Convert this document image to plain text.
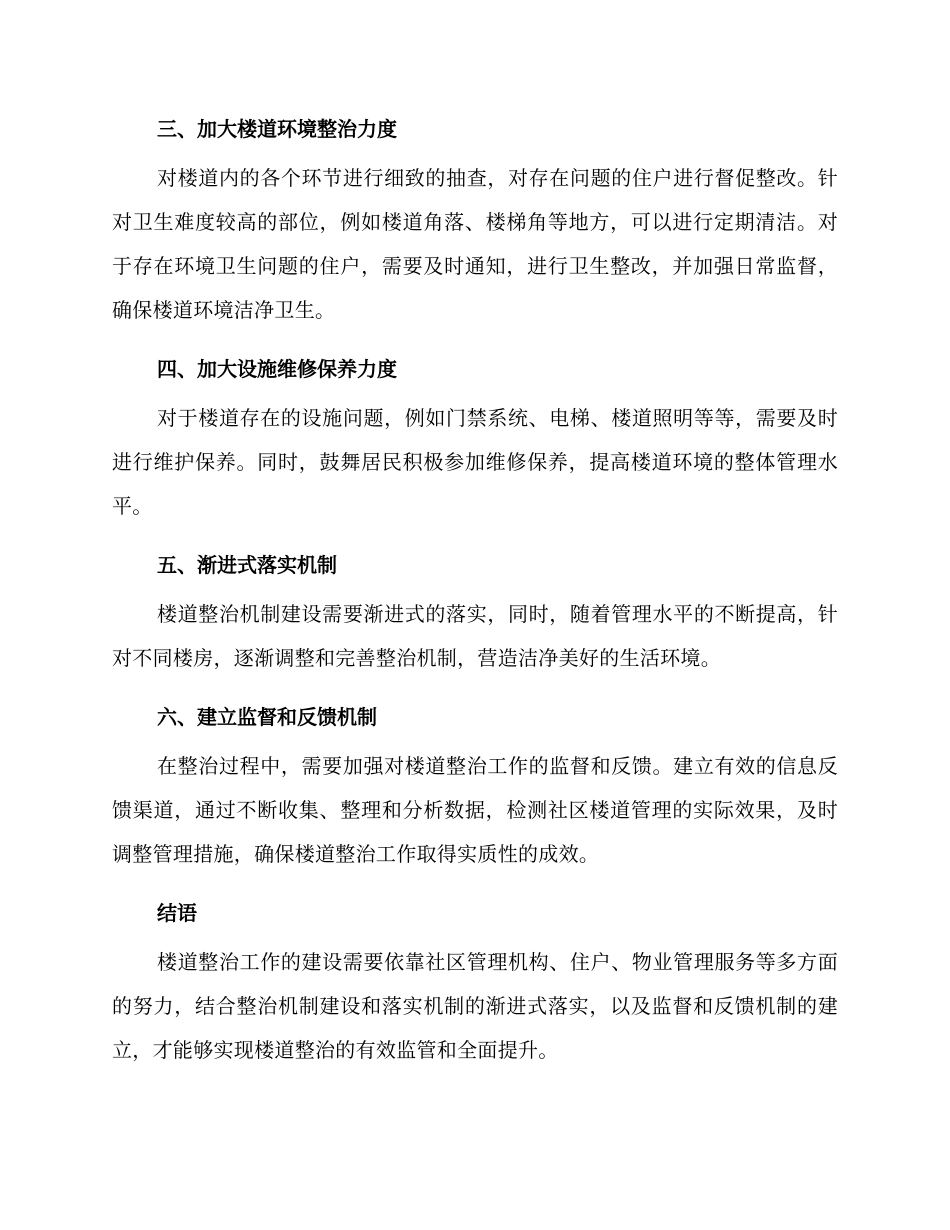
三、加大楼道环境整治力度

对楼道内的各个环节进行细致的抽查，对存在问题的住户进行督促整改。针对卫生难度较高的部位，例如楼道角落、楼梯角等地方，可以进行定期清洁。对于存在环境卫生问题的住户，需要及时通知，进行卫生整改，并加强日常监督，确保楼道环境洁净卫生。

四、加大设施维修保养力度

对于楼道存在的设施问题，例如门禁系统、电梯、楼道照明等等，需要及时进行维护保养。同时，鼓舞居民积极参加维修保养，提高楼道环境的整体管理水平。

五、渐进式落实机制

楼道整治机制建设需要渐进式的落实，同时，随着管理水平的不断提高，针对不同楼房，逐渐调整和完善整治机制，营造洁净美好的生活环境。

六、建立监督和反馈机制

在整治过程中，需要加强对楼道整治工作的监督和反馈。建立有效的信息反馈渠道，通过不断收集、整理和分析数据，检测社区楼道管理的实际效果，及时调整管理措施，确保楼道整治工作取得实质性的成效。

结语

楼道整治工作的建设需要依靠社区管理机构、住户、物业管理服务等多方面的努力，结合整治机制建设和落实机制的渐进式落实，以及监督和反馈机制的建立，才能够实现楼道整治的有效监管和全面提升。
